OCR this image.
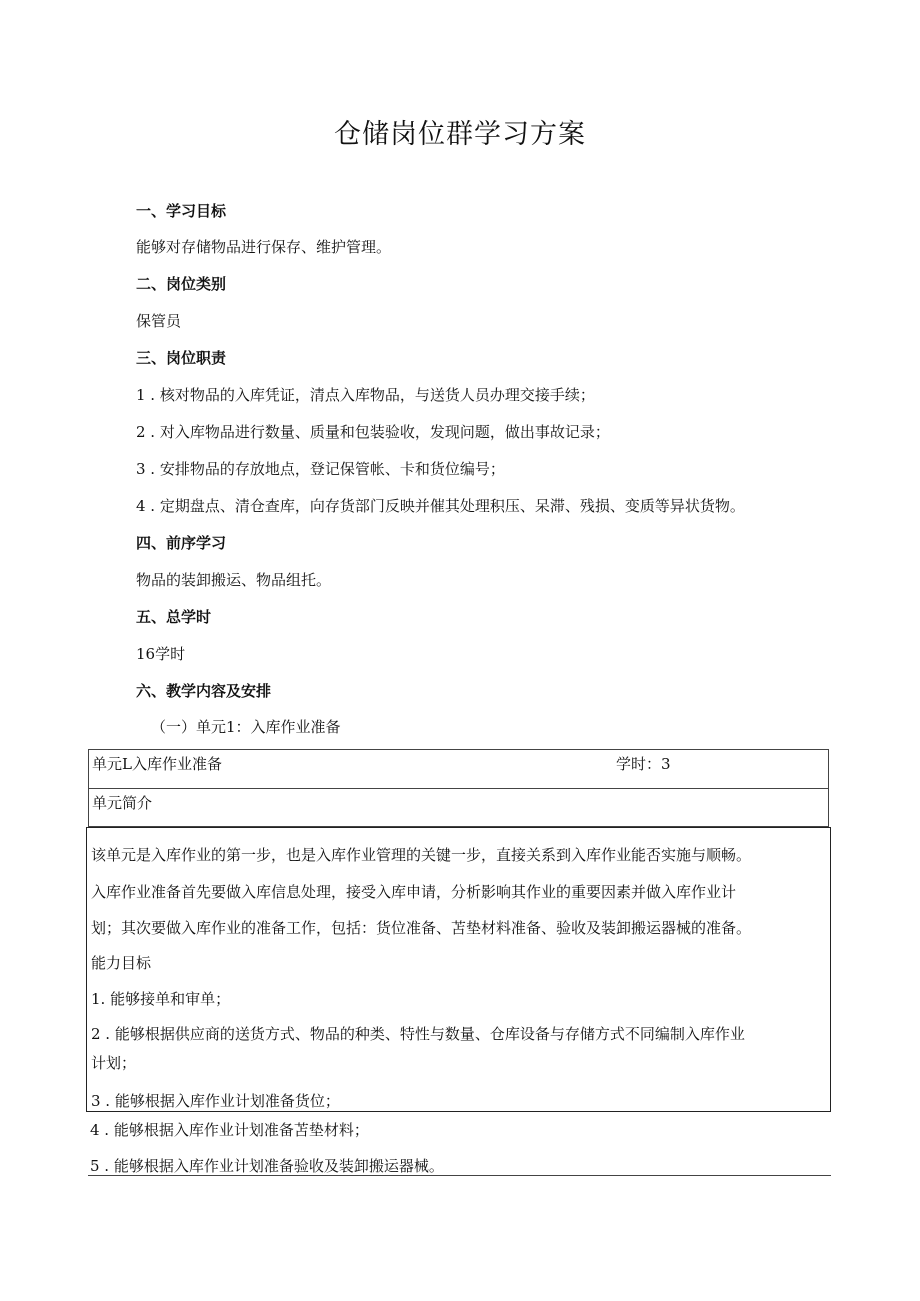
仓储岗位群学习方案
一、学习目标
能够对存储物品进行保存、维护管理。
二、岗位类别
保管员
三、岗位职责
1 . 核对物品的入库凭证，清点入库物品，与送货人员办理交接手续；
2 . 对入库物品进行数量、质量和包装验收，发现问题，做出事故记录；
3 . 安排物品的存放地点，登记保管帐、卡和货位编号；
4 . 定期盘点、清仓查库，向存货部门反映并催其处理积压、呆滞、残损、变质等异状货物。
四、前序学习
物品的装卸搬运、物品组托。
五、总学时
16学时
六、教学内容及安排
（一）单元1：入库作业准备
单元L入库作业准备	学时：3
单元简介
该单元是入库作业的第一步，也是入库作业管理的关键一步，直接关系到入库作业能否实施与顺畅。
入库作业准备首先要做入库信息处理，接受入库申请，分析影响其作业的重要因素并做入库作业计
划；其次要做入库作业的准备工作，包括：货位准备、苫垫材料准备、验收及装卸搬运器械的准备。
能力目标
1. 能够接单和审单；
2 . 能够根据供应商的送货方式、物品的种类、特性与数量、仓库设备与存储方式不同编制入库作业
计划；
3 . 能够根据入库作业计划准备货位；
4 . 能够根据入库作业计划准备苫垫材料；
5 . 能够根据入库作业计划准备验收及装卸搬运器械。
